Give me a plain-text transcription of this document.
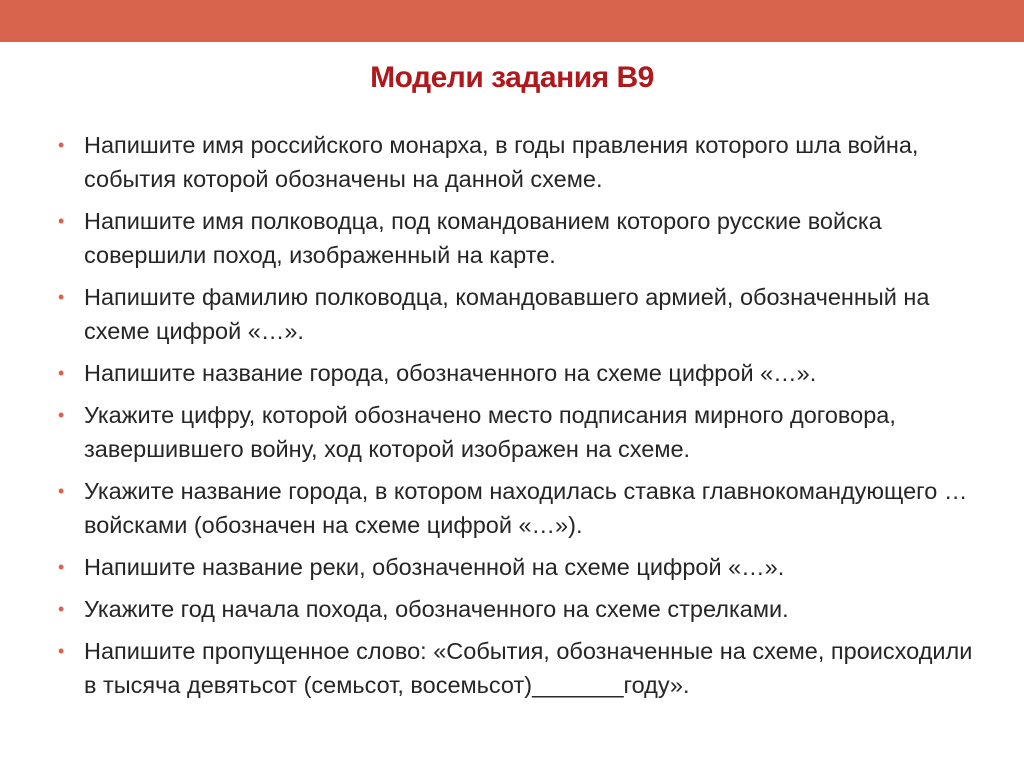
Модели задания В9
• Напишите имя российского монарха, в годы правления которого шла война, события которой обозначены на данной схеме.
• Напишите имя полководца, под командованием которого русские войска совершили поход, изображенный на карте.
• Напишите фамилию полководца, командовавшего армией, обозначенный на схеме цифрой «…».
• Напишите название города, обозначенного на схеме цифрой «…».
• Укажите цифру, которой обозначено место подписания мирного договора, завершившего войну, ход которой изображен на схеме.
• Укажите название города, в котором находилась ставка главнокомандующего … войсками (обозначен на схеме цифрой «…»).
• Напишите название реки, обозначенной на схеме цифрой «…».
• Укажите год начала похода, обозначенного на схеме стрелками.
• Напишите пропущенное слово: «События, обозначенные на схеме, происходили в тысяча девятьсот (семьсот, восемьсот)_______году».
